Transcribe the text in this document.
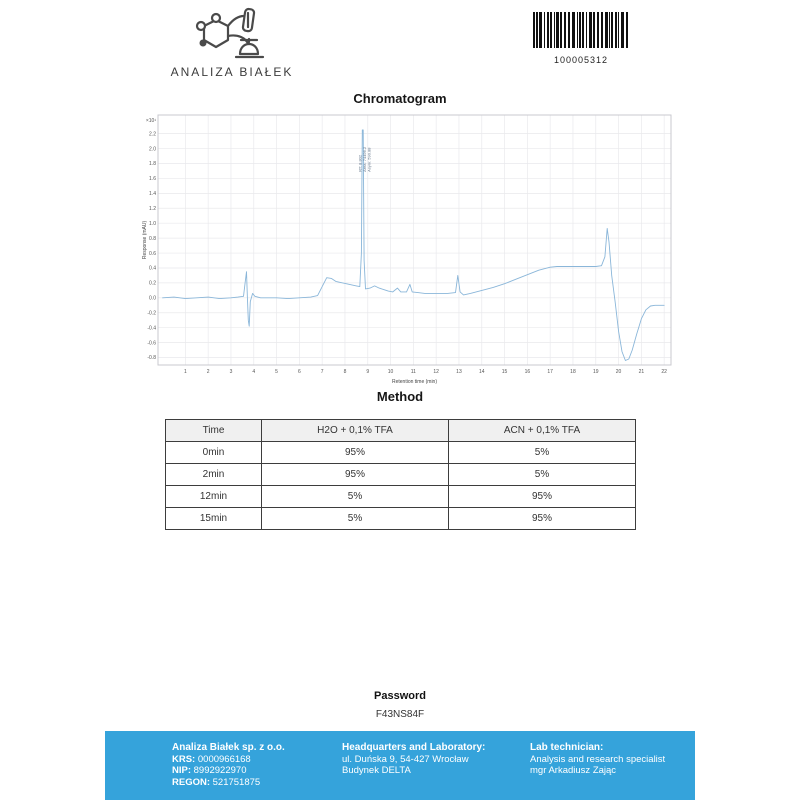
ANALIZA BIAŁEK
100005312
Chromatogram
1	2	3	4	5	6	7	8	9	10	11	12	13	14	15	16	17	18	19	20	21	22
-0.8
-0.6
-0.4
-0.2
0.0
0.2
0.4
0.6
0.8
1.0
1.2
1.4
1.6
1.8
2.0
2.2
×10¹
Retention time (min)
Response (mAU)
RT: 8.802 Area: 74496.2 Asym: 590.88
Method
Time	H2O + 0,1% TFA	ACN + 0,1% TFA
0min	95%	5%
2min	95%	5%
12min	5%	95%
15min	5%	95%
Password
F43NS84F
Analiza Białek sp. z o.o.
KRS: 0000966168
NIP: 8992922970
REGON: 521751875
Headquarters and Laboratory:
ul. Duńska 9, 54-427 Wrocław
Budynek DELTA
Lab technician:
Analysis and research specialist
mgr Arkadiusz Zając
